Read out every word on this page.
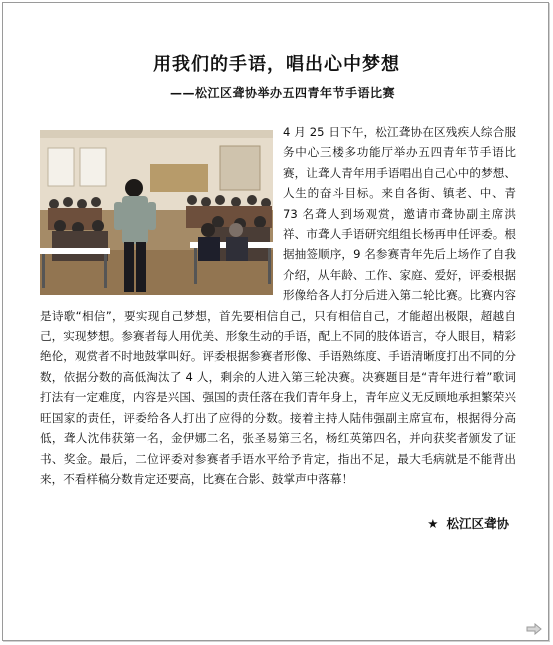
用我们的手语，唱出心中梦想
——松江区聋协举办五四青年节手语比赛
4 月 25 日下午，松江聋协在区残疾人综合服务中心三楼多功能厅举办五四青年节手语比赛，让聋人青年用手语唱出自己心中的梦想、人生的奋斗目标。来自各街、镇老、中、青 73 名聋人到场观赏，邀请市聋协副主席洪祥、市聋人手语研究组组长杨再申任评委。根据抽签顺序，9 名参赛青年先后上场作了自我介绍，从年龄、工作、家庭、爱好，评委根据形像给各人打分后进入第二轮比赛。比赛内容是诗歌“相信”，要实现自己梦想，首先要相信自己，只有相信自己，才能超出极限，超越自己，实现梦想。参赛者每人用优美、形象生动的手语，配上不同的肢体语言，夺人眼目，精彩绝伦，观赏者不时地鼓掌叫好。评委根据参赛者形像、手语熟练度、手语清晰度打出不同的分数，依据分数的高低淘汰了 4 人，剩余的人进入第三轮决赛。决赛题目是“青年进行着”歌词打法有一定难度，内容是兴国、强国的责任落在我们青年身上，青年应义无反顾地承担繁荣兴旺国家的责任，评委给各人打出了应得的分数。接着主持人陆伟强副主席宣布，根据得分高低，聋人沈伟获第一名，金伊娜二名，张圣易第三名，杨红英第四名，并向获奖者颁发了证书、奖金。最后，二位评委对参赛者手语水平给予肯定，指出不足，最大毛病就是不能背出来，不看样稿分数肯定还要高，比赛在合影、鼓掌声中落幕！
★ 松江区聋协
